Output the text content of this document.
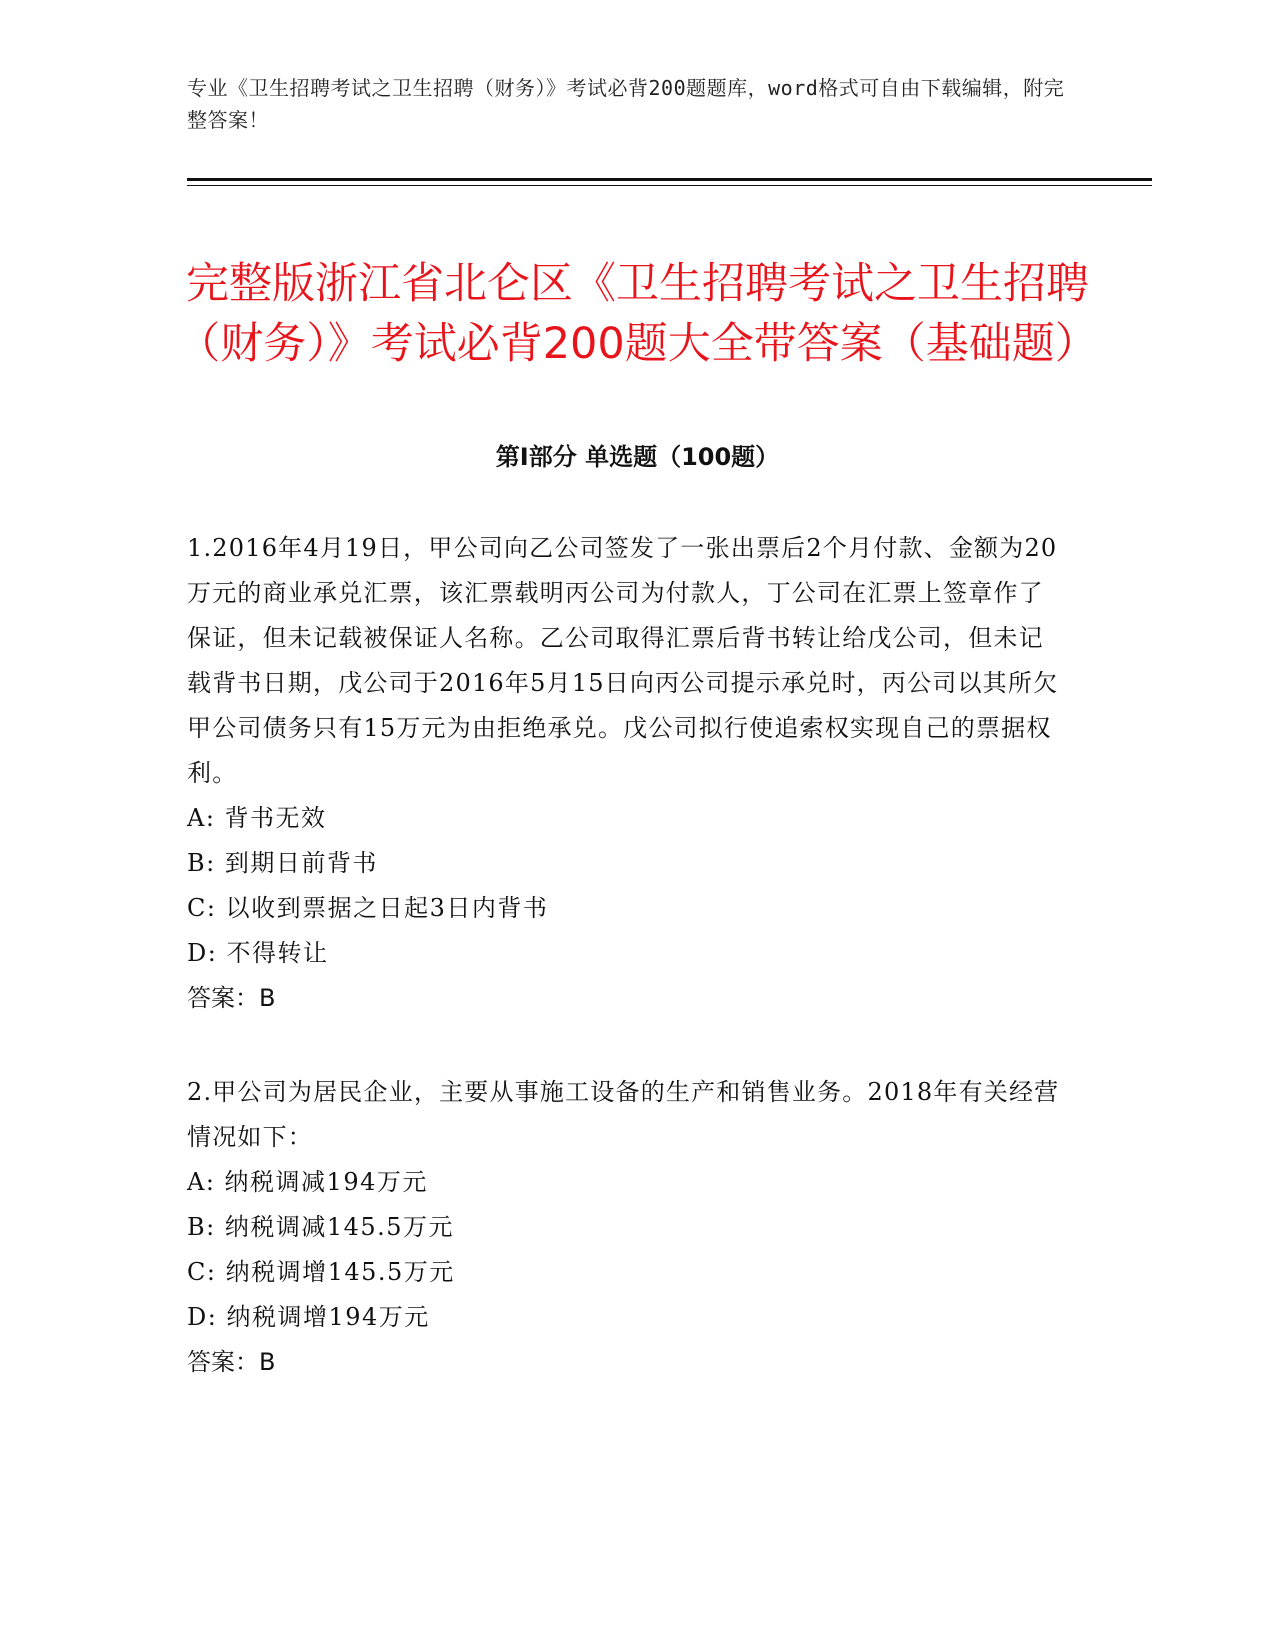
专业《卫生招聘考试之卫生招聘（财务）》考试必背200题题库，word格式可自由下载编辑，附完整答案！
完整版浙江省北仑区《卫生招聘考试之卫生招聘（财务）》考试必背200题大全带答案（基础题）
第I部分 单选题（100题）

1.2016年4月19日，甲公司向乙公司签发了一张出票后2个月付款、金额为20万元的商业承兑汇票，该汇票载明丙公司为付款人，丁公司在汇票上签章作了保证，但未记载被保证人名称。乙公司取得汇票后背书转让给戊公司，但未记载背书日期，戊公司于2016年5月15日向丙公司提示承兑时，丙公司以其所欠甲公司债务只有15万元为由拒绝承兑。戊公司拟行使追索权实现自己的票据权利。

A: 背书无效

B: 到期日前背书

C: 以收到票据之日起3日内背书

D: 不得转让

答案：B

2.甲公司为居民企业，主要从事施工设备的生产和销售业务。2018年有关经营情况如下：

A: 纳税调减194万元

B: 纳税调减145.5万元

C: 纳税调增145.5万元

D: 纳税调增194万元

答案：B
